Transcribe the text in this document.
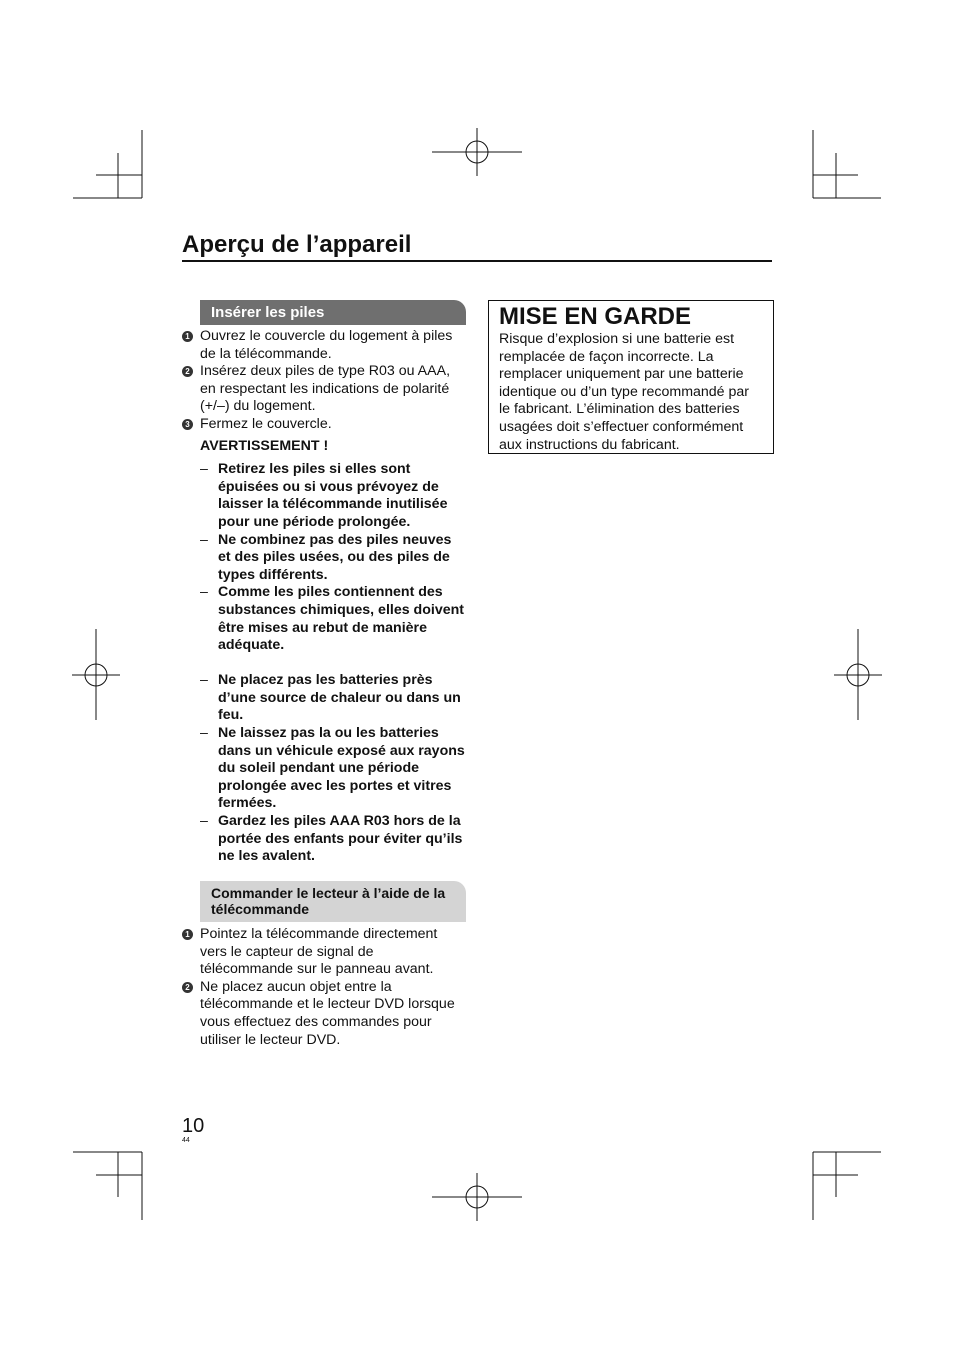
Aperçu de l’appareil
Insérer les piles
1 Ouvrez le couvercle du logement à piles de la télécommande.
2 Insérez deux piles de type R03 ou AAA, en respectant les indications de polarité (+/–) du logement.
3 Fermez le couvercle.
AVERTISSEMENT !
– Retirez les piles si elles sont épuisées ou si vous prévoyez de laisser la télécommande inutilisée pour une période prolongée.
– Ne combinez pas des piles neuves et des piles usées, ou des piles de types différents.
– Comme les piles contiennent des substances chimiques, elles doivent être mises au rebut de manière adéquate.
– Ne placez pas les batteries près d’une source de chaleur ou dans un feu.
– Ne laissez pas la ou les batteries dans un véhicule exposé aux rayons du soleil pendant une période prolongée avec les portes et vitres fermées.
– Gardez les piles AAA R03 hors de la portée des enfants pour éviter qu’ils ne les avalent.
Commander le lecteur à l’aide de la télécommande
1 Pointez la télécommande directement vers le capteur de signal de télécommande sur le panneau avant.
2 Ne placez aucun objet entre la télécommande et le lecteur DVD lorsque vous effectuez des commandes pour utiliser le lecteur DVD.
MISE EN GARDE
Risque d’explosion si une batterie est remplacée de façon incorrecte. La remplacer uniquement par une batterie identique ou d’un type recommandé par le fabricant. L’élimination des batteries usagées doit s’effectuer conformément aux instructions du fabricant.
10
44
